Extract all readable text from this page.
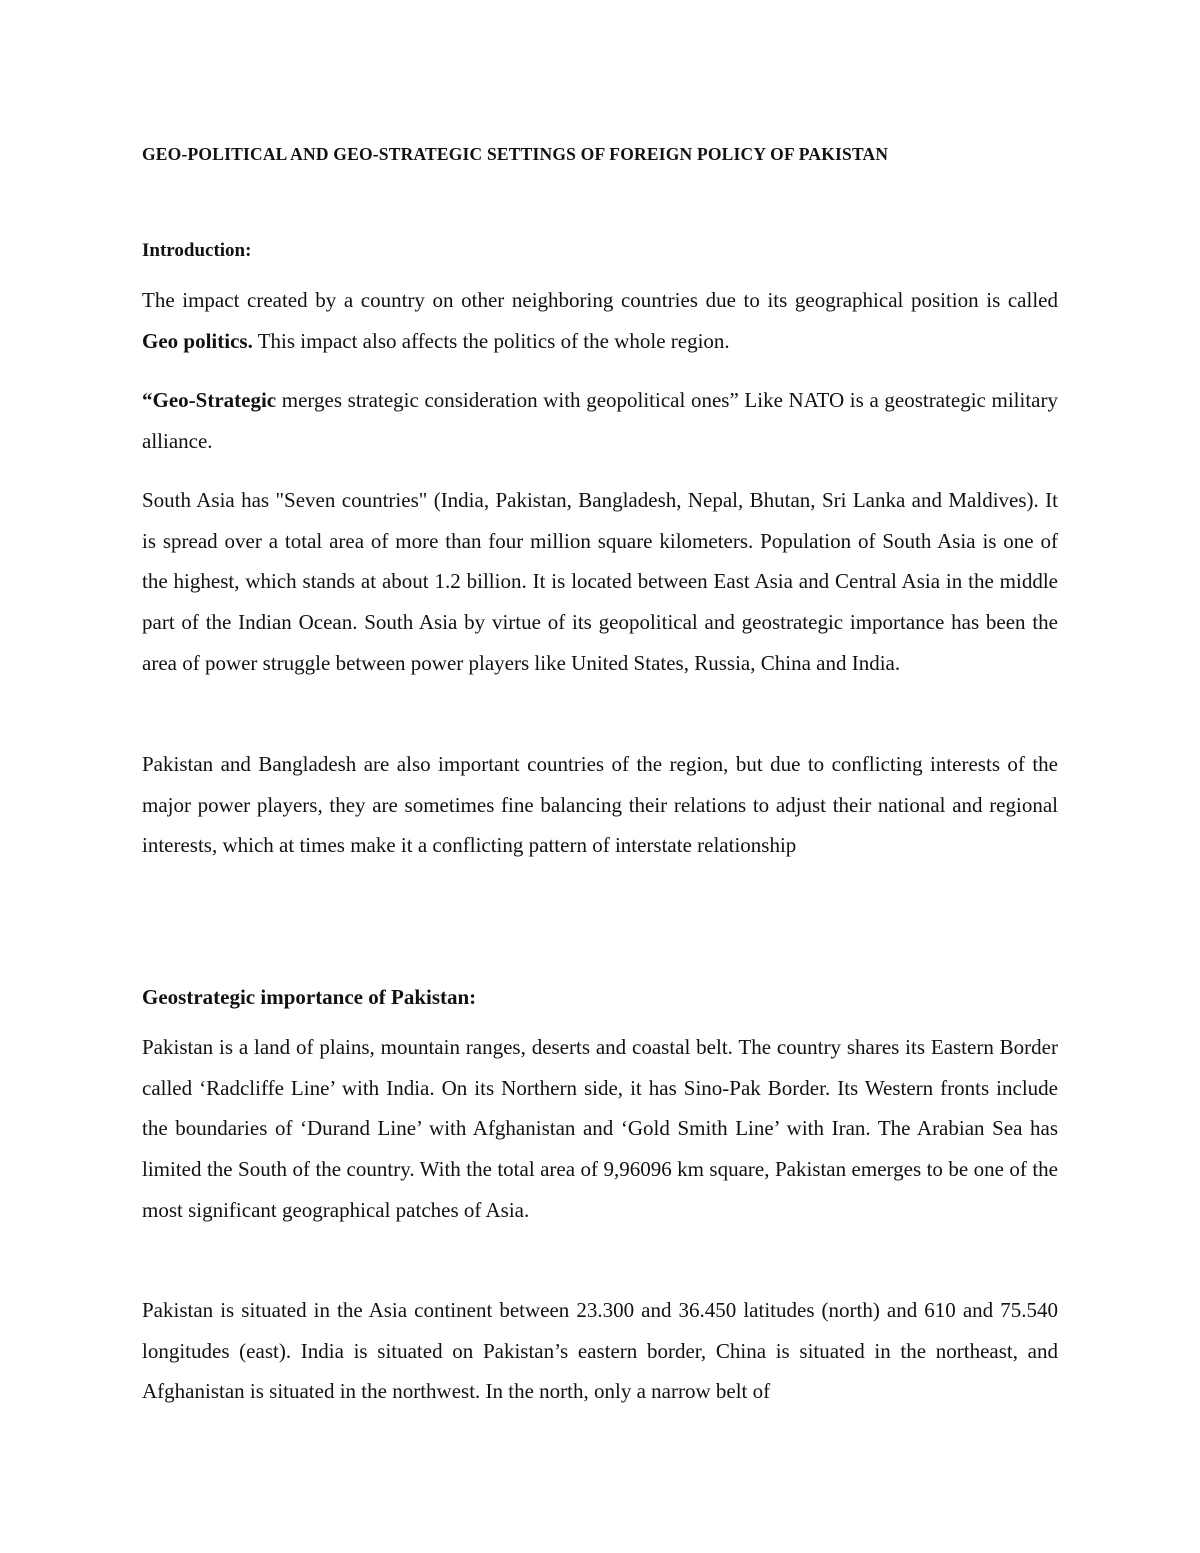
GEO-POLITICAL AND GEO-STRATEGIC SETTINGS OF FOREIGN POLICY OF PAKISTAN
Introduction:

The impact created by a country on other neighboring countries due to its geographical position is called Geo politics. This impact also affects the politics of the whole region.

“Geo-Strategic merges strategic consideration with geopolitical ones” Like NATO is a geostrategic military alliance.

South Asia has "Seven countries" (India, Pakistan, Bangladesh, Nepal, Bhutan, Sri Lanka and Maldives). It is spread over a total area of more than four million square kilometers. Population of South Asia is one of the highest, which stands at about 1.2 billion. It is located between East Asia and Central Asia in the middle part of the Indian Ocean. South Asia by virtue of its geopolitical and geostrategic importance has been the area of power struggle between power players like United States, Russia, China and India.

Pakistan and Bangladesh are also important countries of the region, but due to conflicting interests of the major power players, they are sometimes fine balancing their relations to adjust their national and regional interests, which at times make it a conflicting pattern of interstate relationship

Geostrategic importance of Pakistan:

Pakistan is a land of plains, mountain ranges, deserts and coastal belt. The country shares its Eastern Border called ‘Radcliffe Line’ with India. On its Northern side, it has Sino-Pak Border. Its Western fronts include the boundaries of ‘Durand Line’ with Afghanistan and ‘Gold Smith Line’ with Iran. The Arabian Sea has limited the South of the country. With the total area of 9,96096 km square, Pakistan emerges to be one of the most significant geographical patches of Asia.

Pakistan is situated in the Asia continent between 23.300 and 36.450 latitudes (north) and 610 and 75.540 longitudes (east). India is situated on Pakistan’s eastern border, China is situated in the northeast, and Afghanistan is situated in the northwest. In the north, only a narrow belt of
